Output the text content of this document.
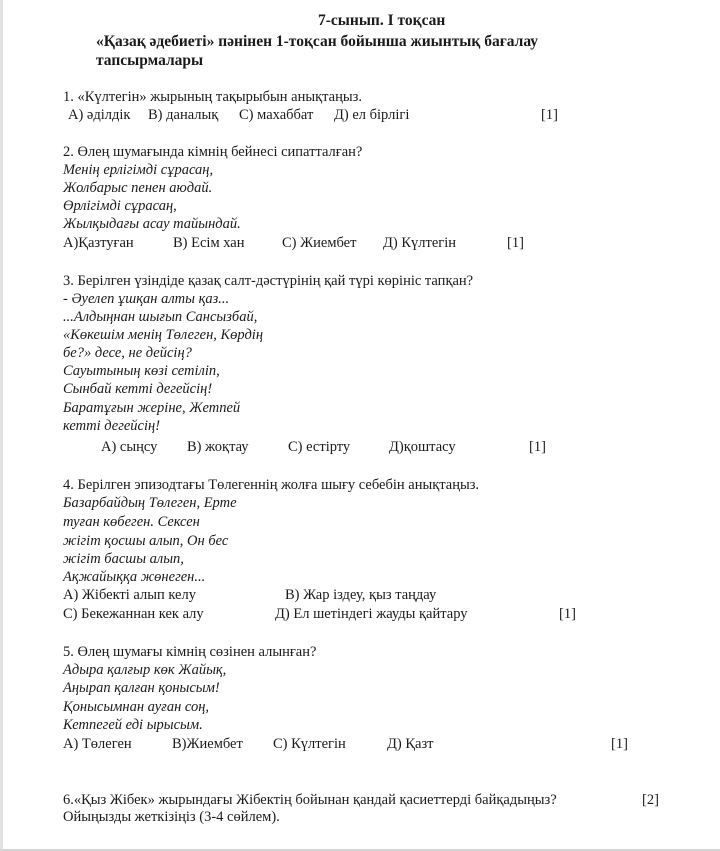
7-сынып. І тоқсан
«Қазақ әдебиеті» пәнінен 1-тоқсан бойынша жиынтық бағалау
тапсырмалары
1. «Күлтегін» жырының тақырыбын анықтаңыз.
А) әділдік В) даналық С) махаббат Д) ел бірлігі	[1]
2. Өлең шумағында кімнің бейнесі сипатталған?
Менің ерлігімді сұрасаң,
Жолбарыс пенен аюдай.
Өрлігімді сұрасаң,
Жылқыдағы асау тайындай.
А)Қазтуған	В) Есім хан	С) Жиембет Д) Күлтегін	[1]
3. Берілген үзіндіде қазақ салт-дәстүрінің қай түрі көрініс тапқан?
- Әуелеп ұшқан алты қаз...
...Алдыңнан шығып Сансызбай,
«Көкешім менің Төлеген, Көрдің
бе?» десе, не дейсің?
Сауытының көзі сетіліп,
Сынбай кетті дегейсің!
Баратұғын жеріне, Жетпей
кетті дегейсің!
А) сыңсу В) жоқтау	С) естірту	Д)қоштасу	[1]
4. Берілген эпизодтағы Төлегеннің жолға шығу себебін анықтаңыз.
Базарбайдың Төлеген, Ерте
туған көбеген. Сексен
жігіт қосшы алып, Он бес
жігіт басшы алып,
Ақжайыққа жөнеген...
А) Жібекті алып келу	В) Жар іздеу, қыз таңдау
С) Бекежаннан кек алу	Д) Ел шетіндегі жауды қайтару	[1]
5. Өлең шумағы кімнің сөзінен алынған?
Адыра қалғыр көк Жайық,
Аңырап қалған қонысым!
Қонысымнан ауған соң,
Кетпегей еді ырысым.
А) Төлеген	В)Жиембет С) Күлтегін	Д) Қазт	[1]
6.«Қыз Жібек» жырындағы Жібектің бойынан қандай қасиеттерді байқадыңыз?	[2]
Ойыңызды жеткізіңіз (3-4 сөйлем).
